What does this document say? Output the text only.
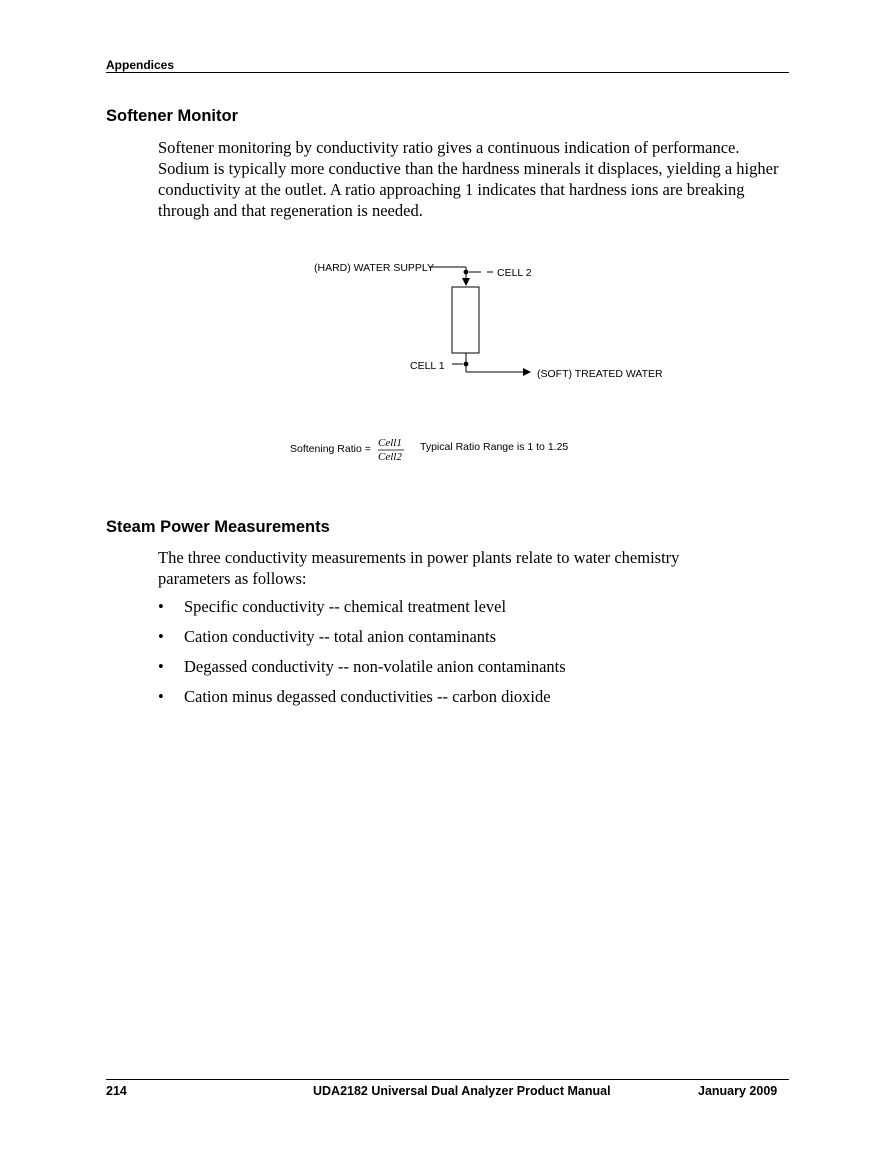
Appendices
Softener Monitor
Softener monitoring by conductivity ratio gives a continuous indication of performance. Sodium is typically more conductive than the hardness minerals it displaces, yielding a higher conductivity at the outlet. A ratio approaching 1 indicates that hardness ions are breaking through and that regeneration is needed.
(HARD) WATER SUPPLY	CELL 2
CELL 1
(SOFT) TREATED WATER
Softening Ratio = Cell1
Cell2
Typical Ratio Range is 1 to 1.25
Steam Power Measurements
The three conductivity measurements in power plants relate to water chemistry parameters as follows:
• Specific conductivity -- chemical treatment level
• Cation conductivity -- total anion contaminants
• Degassed conductivity -- non-volatile anion contaminants
• Cation minus degassed conductivities -- carbon dioxide
214	UDA2182 Universal Dual Analyzer Product Manual	January 2009
